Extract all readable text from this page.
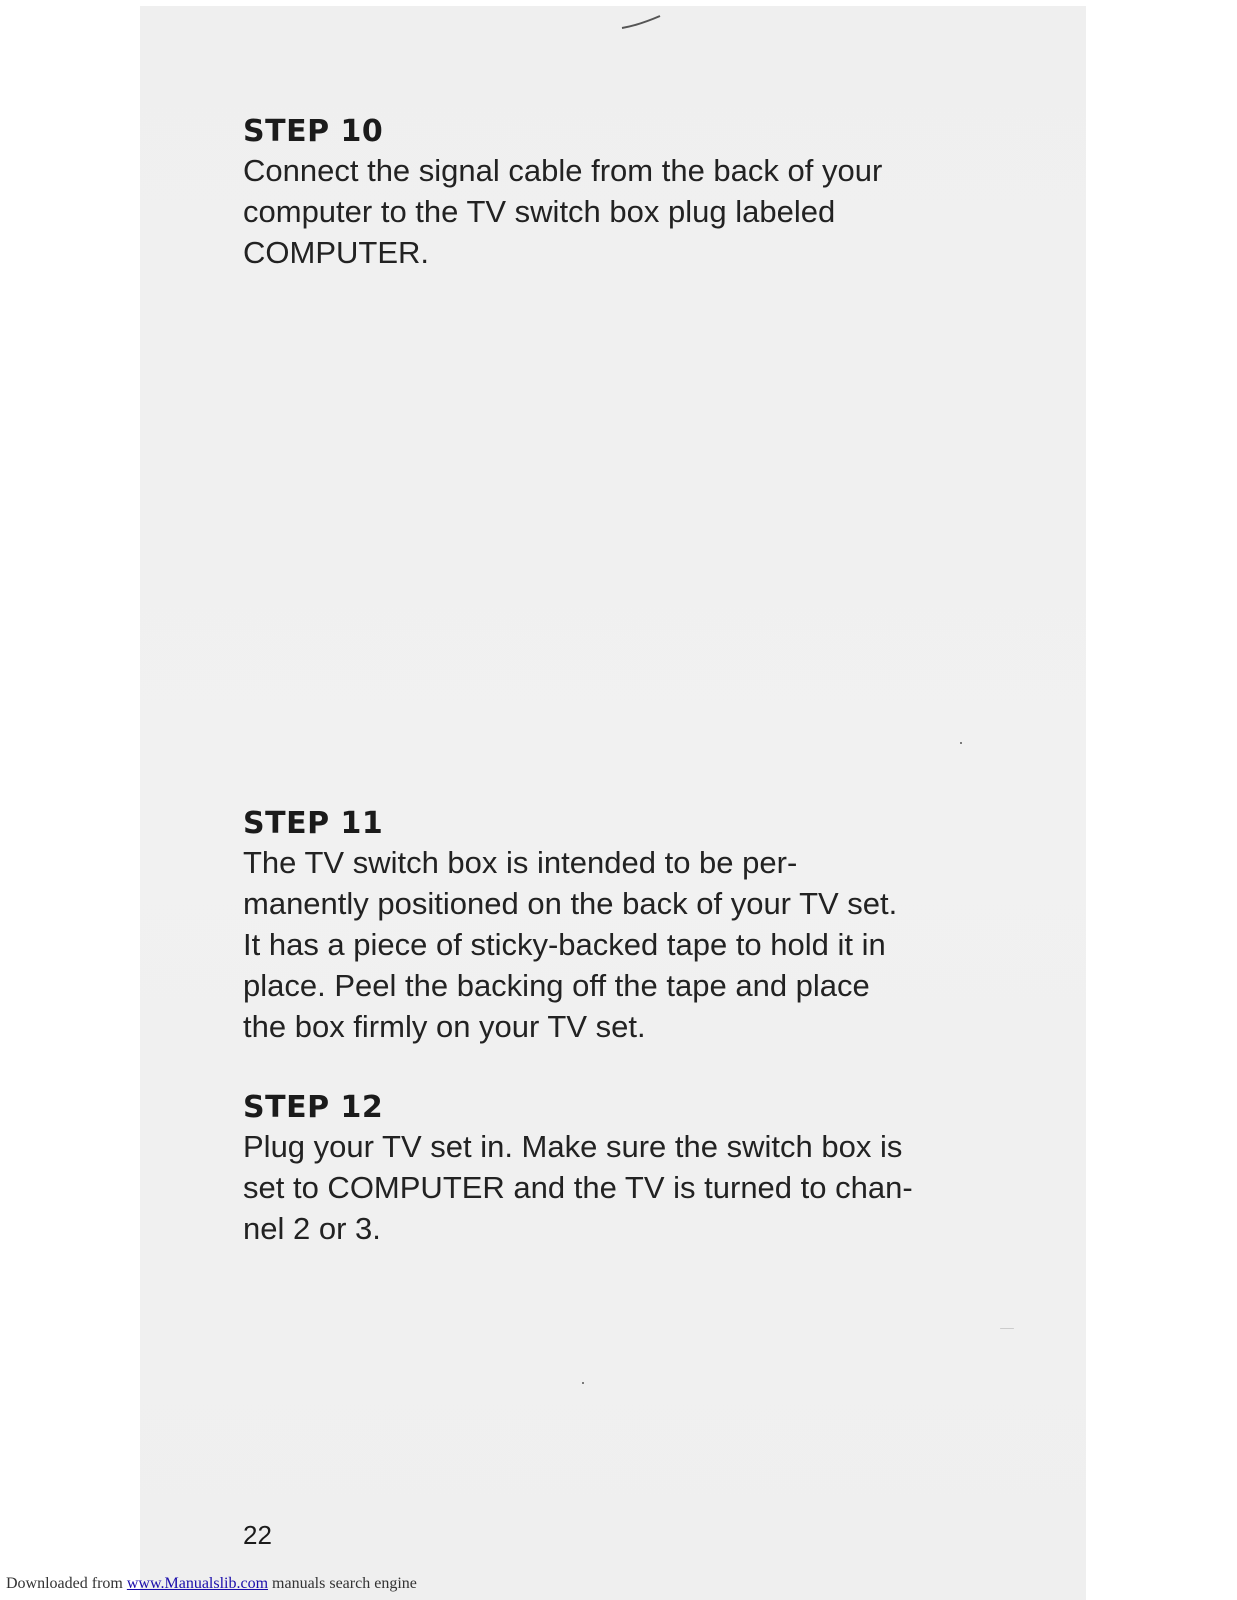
STEP 10

Connect the signal cable from the back of your
computer to the TV switch box plug labeled
COMPUTER.

STEP 11

The TV switch box is intended to be per-
manently positioned on the back of your TV set.
It has a piece of sticky-backed tape to hold it in
place. Peel the backing off the tape and place
the box firmly on your TV set.

STEP 12

Plug your TV set in. Make sure the switch box is
set to COMPUTER and the TV is turned to chan-
nel 2 or 3.

22
Downloaded from www.Manualslib.com manuals search engine
